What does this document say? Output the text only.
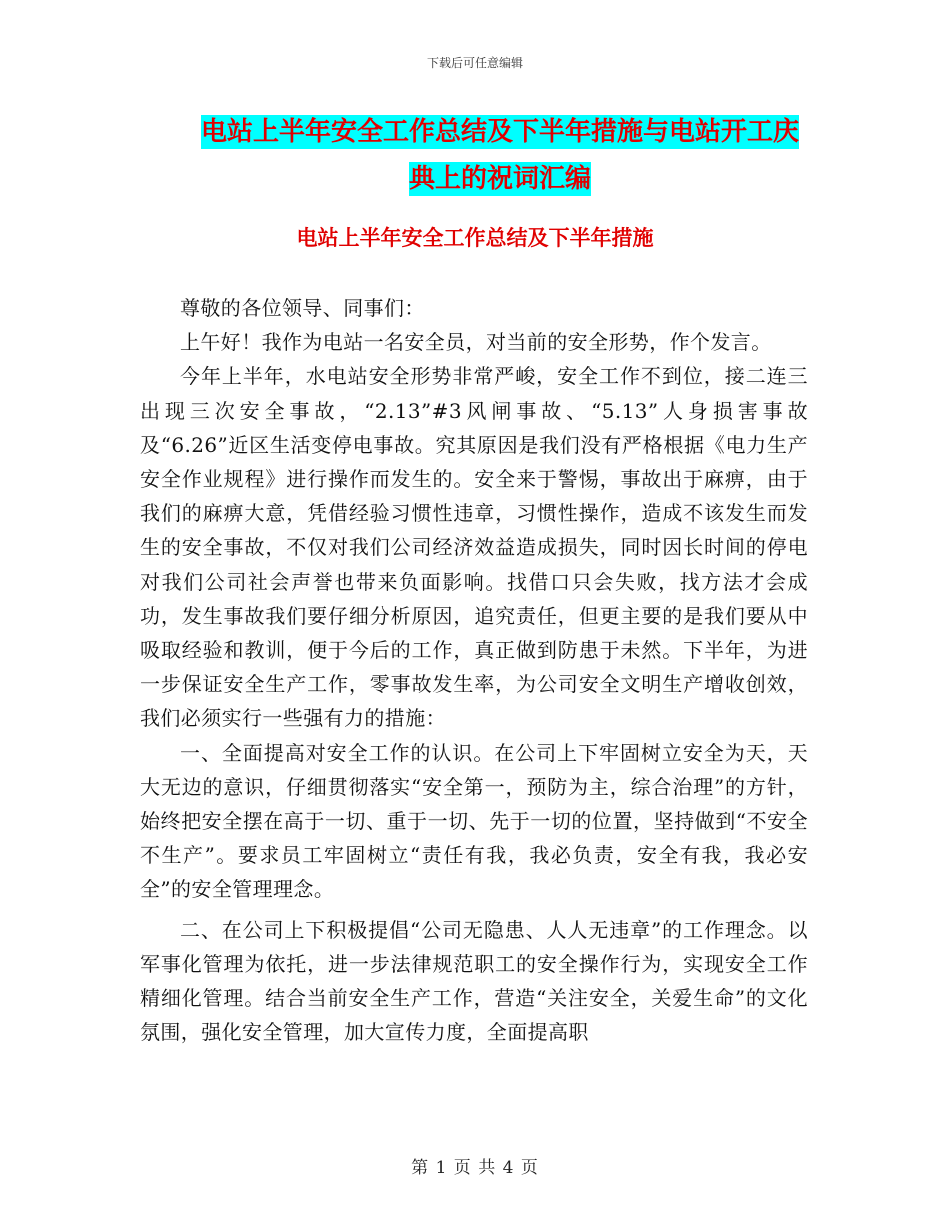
下载后可任意编辑
电站上半年安全工作总结及下半年措施与电站开工庆
典上的祝词汇编
电站上半年安全工作总结及下半年措施

尊敬的各位领导、同事们：

上午好！我作为电站一名安全员，对当前的安全形势，作个发言。

今年上半年，水电站安全形势非常严峻，安全工作不到位，接二连三出现三次安全事故，“2.13”#3风闸事故、“5.13”人身损害事故及“6.26”近区生活变停电事故。究其原因是我们没有严格根据《电力生产安全作业规程》进行操作而发生的。安全来于警惕，事故出于麻痹，由于我们的麻痹大意，凭借经验习惯性违章，习惯性操作，造成不该发生而发生的安全事故，不仅对我们公司经济效益造成损失，同时因长时间的停电对我们公司社会声誉也带来负面影响。找借口只会失败，找方法才会成功，发生事故我们要仔细分析原因，追究责任，但更主要的是我们要从中吸取经验和教训，便于今后的工作，真正做到防患于未然。下半年，为进一步保证安全生产工作，零事故发生率，为公司安全文明生产增收创效，我们必须实行一些强有力的措施：

一、全面提高对安全工作的认识。在公司上下牢固树立安全为天，天大无边的意识，仔细贯彻落实“安全第一，预防为主，综合治理”的方针，始终把安全摆在高于一切、重于一切、先于一切的位置，坚持做到“不安全不生产”。要求员工牢固树立“责任有我，我必负责，安全有我，我必安全”的安全管理理念。

二、在公司上下积极提倡“公司无隐患、人人无违章”的工作理念。以军事化管理为依托，进一步法律规范职工的安全操作行为，实现安全工作精细化管理。结合当前安全生产工作，营造“关注安全，关爱生命”的文化氛围，强化安全管理，加大宣传力度，全面提高职

第 1 页 共 4 页
